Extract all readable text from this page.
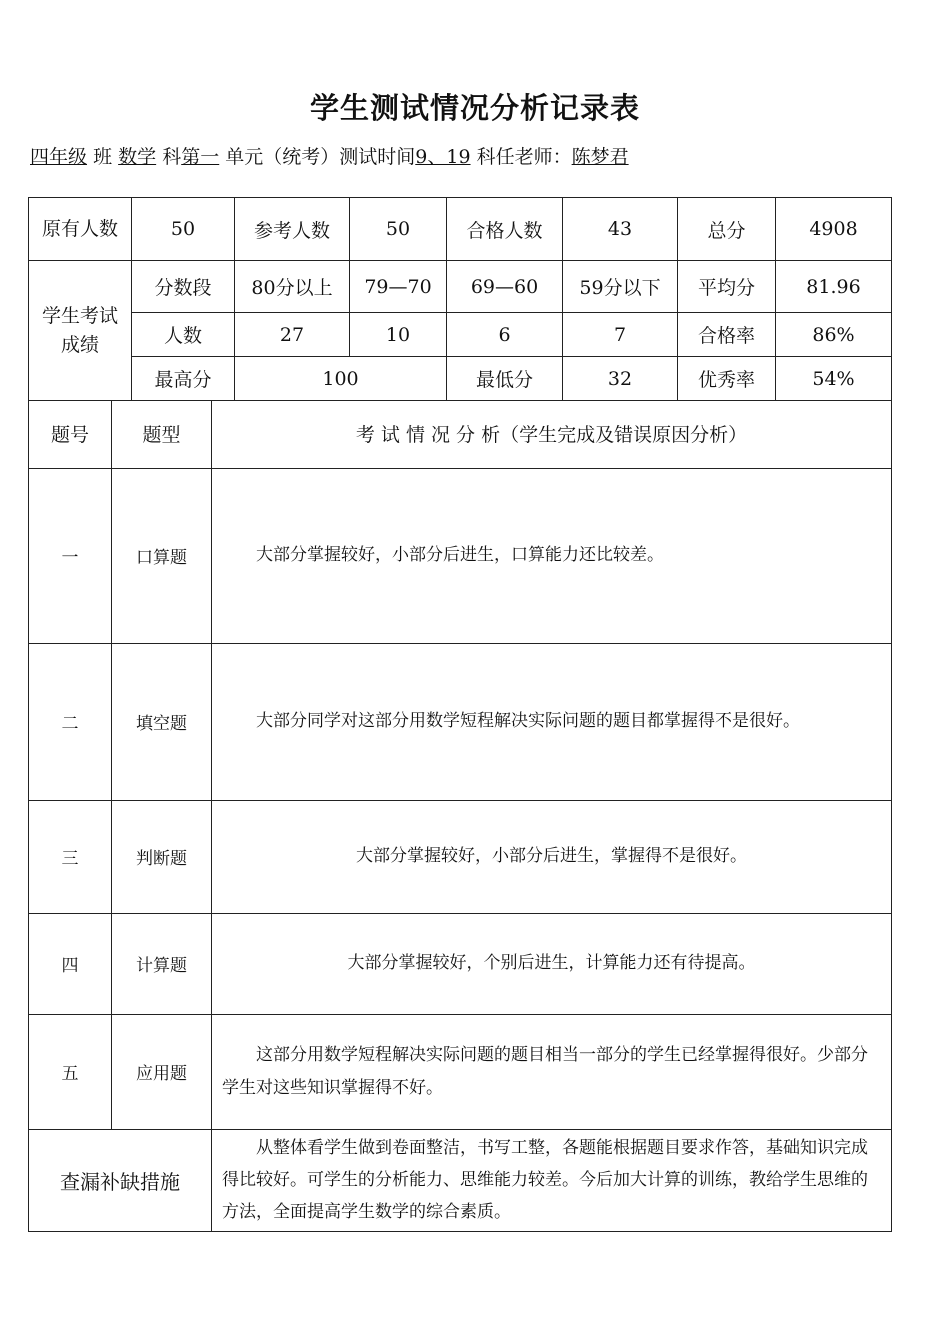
学生测试情况分析记录表
四年级 班 数学 科第一 单元（统考）测试时间9、19 科任老师：陈梦君
原有人数	50	参考人数	50	合格人数	43	总分	4908
学生考试成绩	分数段	80分以上	79—70	69—60	59分以下	平均分	81.96
	人数	27	10	6	7	合格率	86%
	最高分	100		最低分	32	优秀率	54%
题号	题型	考 试 情 况 分 析（学生完成及错误原因分析）
一	口算题	大部分掌握较好，小部分后进生，口算能力还比较差。
二	填空题	大部分同学对这部分用数学短程解决实际问题的题目都掌握得不是很好。
三	判断题	大部分掌握较好，小部分后进生，掌握得不是很好。
四	计算题	大部分掌握较好，个别后进生，计算能力还有待提高。
五	应用题	这部分用数学短程解决实际问题的题目相当一部分的学生已经掌握得很好。少部分学生对这些知识掌握得不好。
查漏补缺措施		从整体看学生做到卷面整洁，书写工整，各题能根据题目要求作答，基础知识完成得比较好。可学生的分析能力、思维能力较差。今后加大计算的训练，教给学生思维的方法，全面提高学生数学的综合素质。
